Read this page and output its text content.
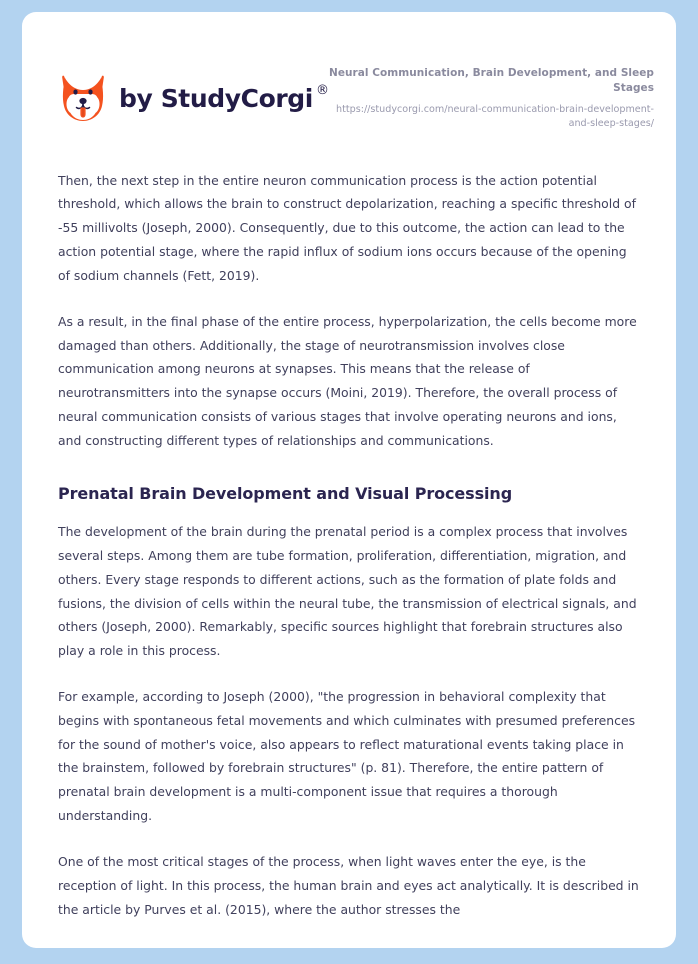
by StudyCorgi ®
Neural Communication, Brain Development, and Sleep Stages
https://studycorgi.com/neural-communication-brain-development-and-sleep-stages/

Then, the next step in the entire neuron communication process is the action potential threshold, which allows the brain to construct depolarization, reaching a specific threshold of -55 millivolts (Joseph, 2000). Consequently, due to this outcome, the action can lead to the action potential stage, where the rapid influx of sodium ions occurs because of the opening of sodium channels (Fett, 2019).

As a result, in the final phase of the entire process, hyperpolarization, the cells become more damaged than others. Additionally, the stage of neurotransmission involves close communication among neurons at synapses. This means that the release of neurotransmitters into the synapse occurs (Moini, 2019). Therefore, the overall process of neural communication consists of various stages that involve operating neurons and ions, and constructing different types of relationships and communications.

Prenatal Brain Development and Visual Processing

The development of the brain during the prenatal period is a complex process that involves several steps. Among them are tube formation, proliferation, differentiation, migration, and others. Every stage responds to different actions, such as the formation of plate folds and fusions, the division of cells within the neural tube, the transmission of electrical signals, and others (Joseph, 2000). Remarkably, specific sources highlight that forebrain structures also play a role in this process.

For example, according to Joseph (2000), "the progression in behavioral complexity that begins with spontaneous fetal movements and which culminates with presumed preferences for the sound of mother's voice, also appears to reflect maturational events taking place in the brainstem, followed by forebrain structures" (p. 81). Therefore, the entire pattern of prenatal brain development is a multi-component issue that requires a thorough understanding.

One of the most critical stages of the process, when light waves enter the eye, is the reception of light. In this process, the human brain and eyes act analytically. It is described in the article by Purves et al. (2015), where the author stresses the
